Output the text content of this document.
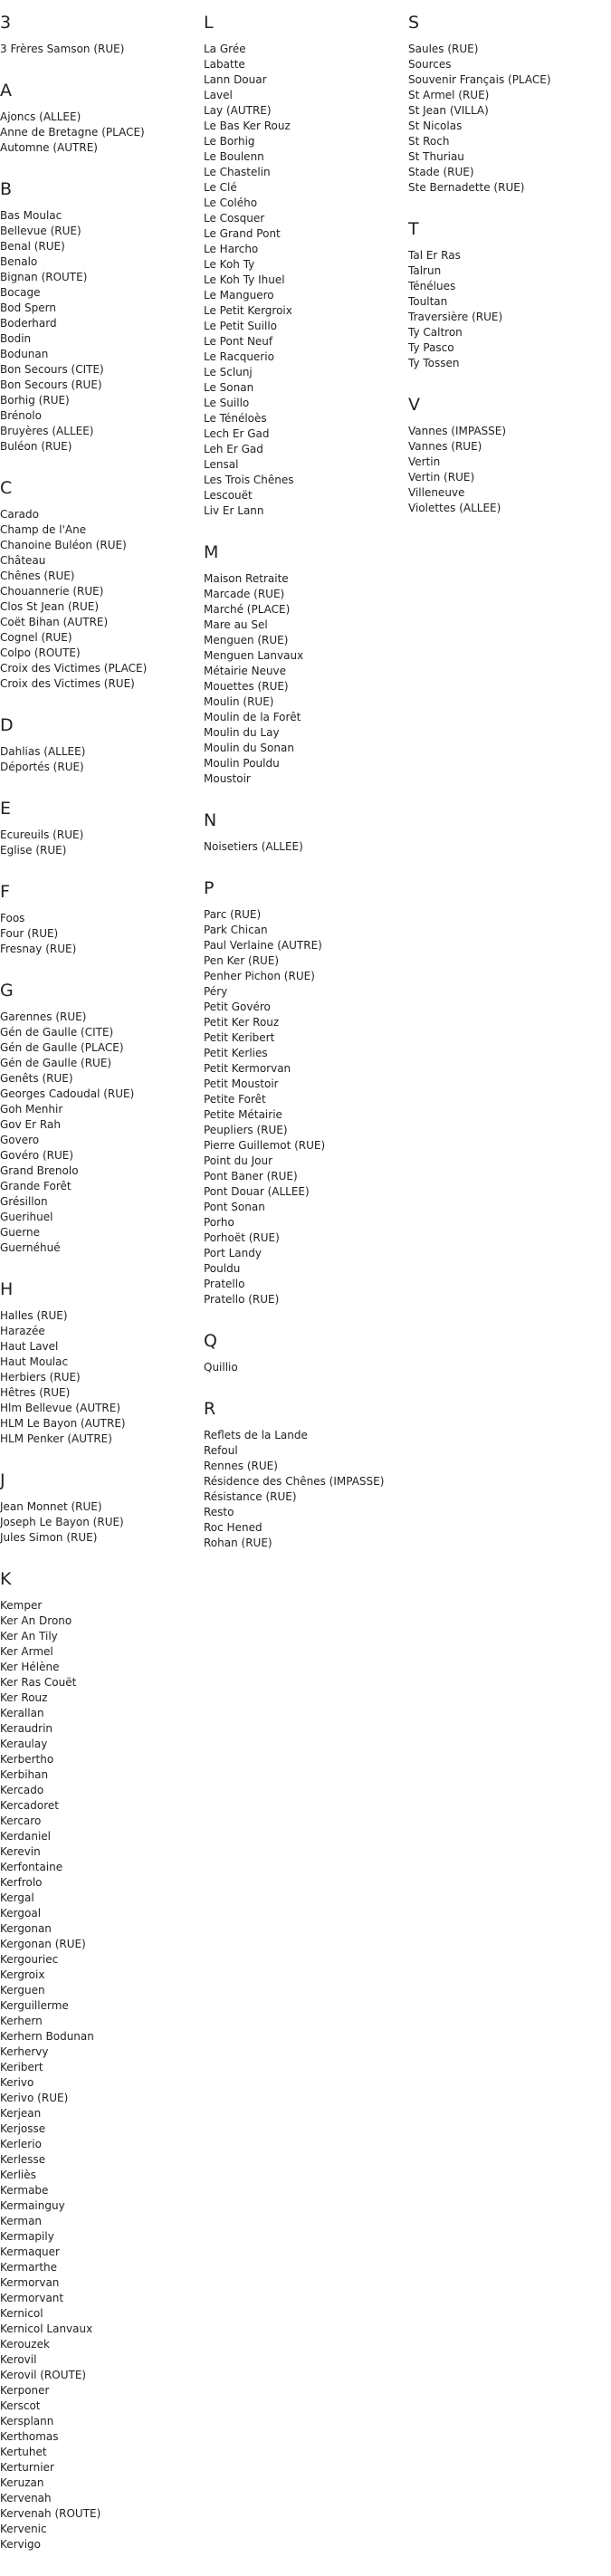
3
3 Frères Samson (RUE)
A
Ajoncs (ALLEE)
Anne de Bretagne (PLACE)
Automne (AUTRE)
B
Bas Moulac
Bellevue (RUE)
Benal (RUE)
Benalo
Bignan (ROUTE)
Bocage
Bod Spern
Boderhard
Bodin
Bodunan
Bon Secours (CITE)
Bon Secours (RUE)
Borhig (RUE)
Brénolo
Bruyères (ALLEE)
Buléon (RUE)
C
Carado
Champ de l'Ane
Chanoine Buléon (RUE)
Château
Chênes (RUE)
Chouannerie (RUE)
Clos St Jean (RUE)
Coët Bihan (AUTRE)
Cognel (RUE)
Colpo (ROUTE)
Croix des Victimes (PLACE)
Croix des Victimes (RUE)
D
Dahlias (ALLEE)
Déportés (RUE)
E
Ecureuils (RUE)
Eglise (RUE)
F
Foos
Four (RUE)
Fresnay (RUE)
G
Garennes (RUE)
Gén de Gaulle (CITE)
Gén de Gaulle (PLACE)
Gén de Gaulle (RUE)
Genêts (RUE)
Georges Cadoudal (RUE)
Goh Menhir
Gov Er Rah
Govero
Govéro (RUE)
Grand Brenolo
Grande Forêt
Grésillon
Guerihuel
Guerne
Guernéhué
H
Halles (RUE)
Harazée
Haut Lavel
Haut Moulac
Herbiers (RUE)
Hêtres (RUE)
Hlm Bellevue (AUTRE)
HLM Le Bayon (AUTRE)
HLM Penker (AUTRE)
J
Jean Monnet (RUE)
Joseph Le Bayon (RUE)
Jules Simon (RUE)
K
Kemper
Ker An Drono
Ker An Tily
Ker Armel
Ker Hélène
Ker Ras Couët
Ker Rouz
Kerallan
Keraudrin
Keraulay
Kerbertho
Kerbihan
Kercado
Kercadoret
Kercaro
Kerdaniel
Kerevin
Kerfontaine
Kerfrolo
Kergal
Kergoal
Kergonan
Kergonan (RUE)
Kergouriec
Kergroix
Kerguen
Kerguillerme
Kerhern
Kerhern Bodunan
Kerhervy
Keribert
Kerivo
Kerivo (RUE)
Kerjean
Kerjosse
Kerlerio
Kerlesse
Kerliès
Kermabe
Kermainguy
Kerman
Kermapily
Kermaquer
Kermarthe
Kermorvan
Kermorvant
Kernicol
Kernicol Lanvaux
Kerouzek
Kerovil
Kerovil (ROUTE)
Kerponer
Kerscot
Kersplann
Kerthomas
Kertuhet
Kerturnier
Keruzan
Kervenah
Kervenah (ROUTE)
Kervenic
Kervigo
L
La Grée
Labatte
Lann Douar
Lavel
Lay (AUTRE)
Le Bas Ker Rouz
Le Borhig
Le Boulenn
Le Chastelin
Le Clé
Le Colého
Le Cosquer
Le Grand Pont
Le Harcho
Le Koh Ty
Le Koh Ty Ihuel
Le Manguero
Le Petit Kergroix
Le Petit Suillo
Le Pont Neuf
Le Racquerio
Le Sclunj
Le Sonan
Le Suillo
Le Ténéloès
Lech Er Gad
Leh Er Gad
Lensal
Les Trois Chênes
Lescouët
Liv Er Lann
M
Maison Retraite
Marcade (RUE)
Marché (PLACE)
Mare au Sel
Menguen (RUE)
Menguen Lanvaux
Métairie Neuve
Mouettes (RUE)
Moulin (RUE)
Moulin de la Forêt
Moulin du Lay
Moulin du Sonan
Moulin Pouldu
Moustoir
N
Noisetiers (ALLEE)
P
Parc (RUE)
Park Chican
Paul Verlaine (AUTRE)
Pen Ker (RUE)
Penher Pichon (RUE)
Péry
Petit Govéro
Petit Ker Rouz
Petit Keribert
Petit Kerlies
Petit Kermorvan
Petit Moustoir
Petite Forêt
Petite Métairie
Peupliers (RUE)
Pierre Guillemot (RUE)
Point du Jour
Pont Baner (RUE)
Pont Douar (ALLEE)
Pont Sonan
Porho
Porhoët (RUE)
Port Landy
Pouldu
Pratello
Pratello (RUE)
Q
Quillio
R
Reflets de la Lande
Refoul
Rennes (RUE)
Résidence des Chênes (IMPASSE)
Résistance (RUE)
Resto
Roc Hened
Rohan (RUE)
S
Saules (RUE)
Sources
Souvenir Français (PLACE)
St Armel (RUE)
St Jean (VILLA)
St Nicolas
St Roch
St Thuriau
Stade (RUE)
Ste Bernadette (RUE)
T
Tal Er Ras
Talrun
Ténélues
Toultan
Traversière (RUE)
Ty Caltron
Ty Pasco
Ty Tossen
V
Vannes (IMPASSE)
Vannes (RUE)
Vertin
Vertin (RUE)
Villeneuve
Violettes (ALLEE)
